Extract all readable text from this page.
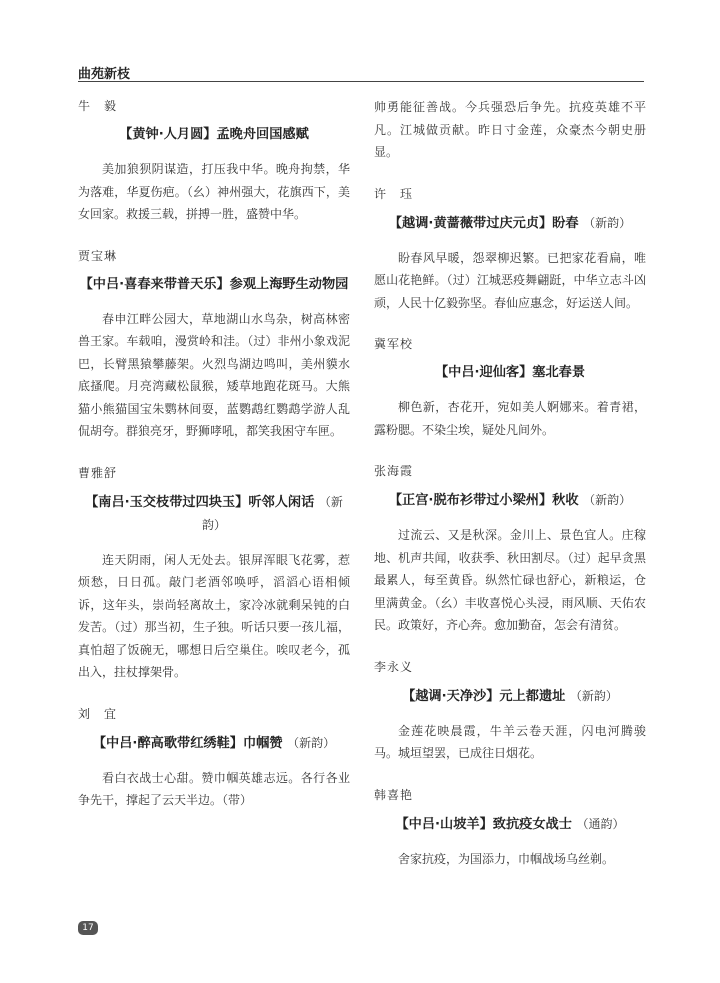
曲苑新枝
牛　毅
【黄钟·人月圆】孟晚舟回国感赋

美加狼狈阴谋造，打压我中华。晚舟拘禁，华为落难，华夏伤疤。（幺）神州强大，花旗西下，美女回家。救援三载，拼搏一胜，盛赞中华。

贾宝琳
【中吕·喜春来带普天乐】参观上海野生动物园

春申江畔公园大，草地湖山水鸟杂，树高林密兽王家。车载咱，漫赏岭和洼。（过）非州小象戏泥巴，长臂黑猿攀藤架。火烈鸟湖边鸣叫，美州貘水底搔爬。月亮湾藏松鼠猴，矮草地跑花斑马。大熊猫小熊猫国宝朱鹦林间耍，蓝鹦鹉红鹦鹉学游人乱侃胡夸。群狼亮牙，野狮哮吼，都笑我困守车匣。

曹雅舒
【南吕·玉交枝带过四块玉】听邻人闲话 （新韵）

连天阴雨，闲人无处去。银屏浑眼飞花雾，惹烦愁，日日孤。敲门老酒邻唤呼，滔滔心语相倾诉，这年头，崇尚轻离故土，家冷冰就剩呆钝的白发苦。（过）那当初，生子独。听话只要一孩儿福，真怕超了饭碗无，哪想日后空巢住。唉叹老今，孤出入，拄杖撑架骨。

刘　宜
【中吕·醉高歌带红绣鞋】巾帼赞 （新韵）

看白衣战士心甜。赞巾帼英雄志远。各行各业争先干，撑起了云天半边。（带）

帅勇能征善战。今兵强恐后争先。抗疫英雄不平凡。江城做贡献。昨日寸金莲，众豪杰今朝史册显。

许　珏
【越调·黄蔷薇带过庆元贞】盼春 （新韵）

盼春风早暖，怨翠柳迟繁。已把家花看扁，唯愿山花艳鲜。（过）江城恶疫舞翩跹，中华立志斗凶顽，人民十亿毅弥坚。春仙应惠念，好运送人间。

冀军校
【中吕·迎仙客】塞北春景

柳色新，杏花开，宛如美人婀娜来。着青裙，露粉腮。不染尘埃，疑处凡间外。

张海霞
【正宫·脱布衫带过小梁州】秋收 （新韵）

过流云、又是秋深。金川上、景色宜人。庄稼地、机声共闻，收获季、秋田割尽。（过）起早贪黑最累人，每至黄昏。纵然忙碌也舒心，新粮运，仓里满黄金。（幺）丰收喜悦心头浸，雨风顺、天佑农民。政策好，齐心奔。愈加勤奋，怎会有清贫。

李永义
【越调·天净沙】元上都遗址 （新韵）

金莲花映晨霞，牛羊云卷天涯，闪电河腾骏马。城垣望罢，已成往日烟花。

韩喜艳
【中吕·山坡羊】致抗疫女战士 （通韵）

舍家抗疫，为国添力，巾帼战场乌丝剃。

17
